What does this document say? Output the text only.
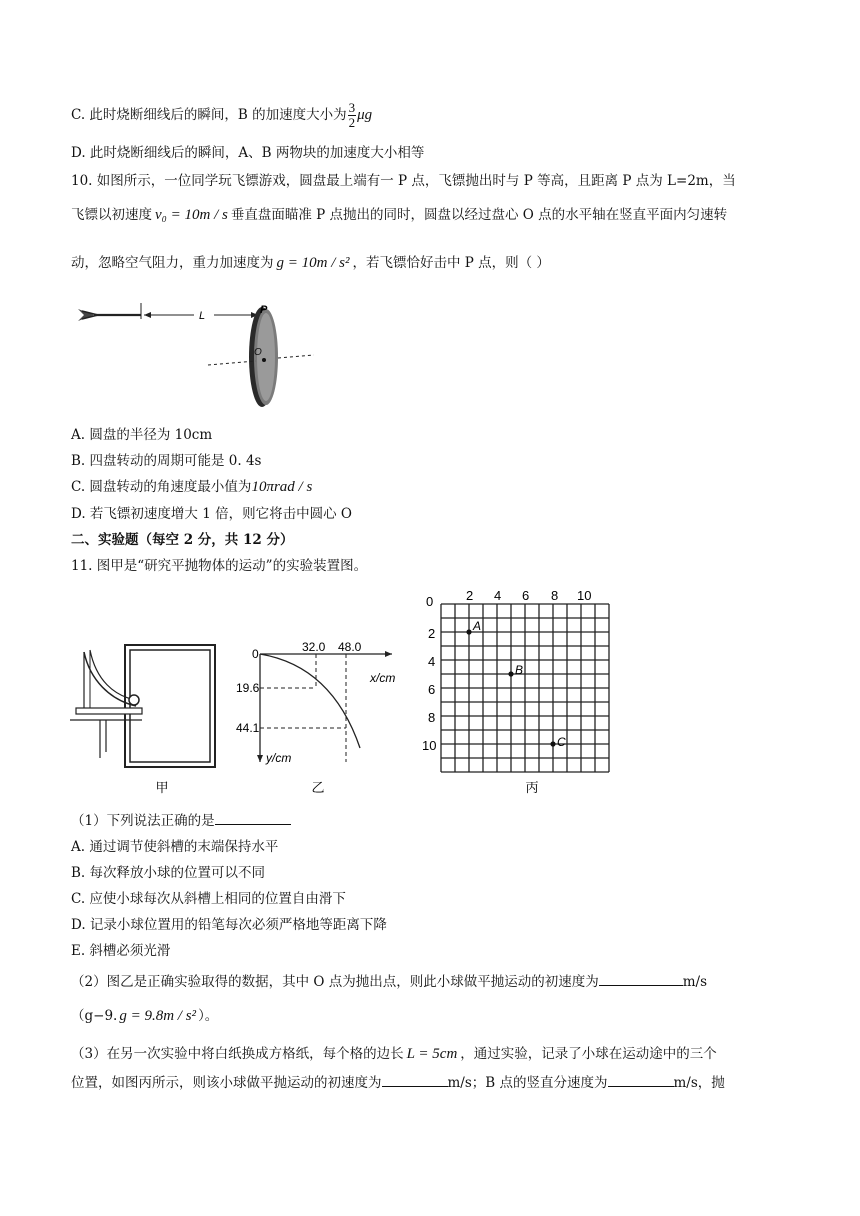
C. 此时烧断细线后的瞬间，B 的加速度大小为 $\frac{3}{2}$ μg
D. 此时烧断细线后的瞬间，A、B 两物块的加速度大小相等
10. 如图所示，一位同学玩飞镖游戏，圆盘最上端有一 P 点，飞镖抛出时与 P 等高，且距离 P 点为 L=2m，当
飞镖以初速度 v₀ = 10m / s 垂直盘面瞄准 P 点抛出的同时，圆盘以经过盘心 O 点的水平轴在竖直平面内匀速转
动，忽略空气阻力，重力加速度为 g = 10m / s² ，若飞镖恰好击中 P 点，则（ ）
L
O
P
A. 圆盘的半径为 10cm
B. 四盘转动的周期可能是 0. 4s
C. 圆盘转动的角速度最小值为10πrad / s
D. 若飞镖初速度增大 1 倍，则它将击中圆心 O
二、实验题（每空 2 分，共 12 分）
11. 图甲是“研究平抛物体的运动”的实验装置图。
甲
0	32.0 48.0
19.6
44.1
x/cm
y/cm
乙
0	2 4 6 8 10
2
4
6
8
10
A
B
C
丙
（1）下列说法正确的是
A. 通过调节使斜槽的末端保持水平
B. 每次释放小球的位置可以不同
C. 应使小球每次从斜槽上相同的位置自由滑下
D. 记录小球位置用的铅笔每次必须严格地等距离下降
E. 斜槽必须光滑
（2）图乙是正确实验取得的数据，其中 O 点为抛出点，则此小球做平抛运动的初速度为	m/s
（g−9. g = 9.8m / s² ）。
（3）在另一次实验中将白纸换成方格纸，每个格的边长 L = 5cm ，通过实验，记录了小球在运动途中的三个
位置，如图丙所示，则该小球做平抛运动的初速度为	m/s；B 点的竖直分速度为	m/s，抛
